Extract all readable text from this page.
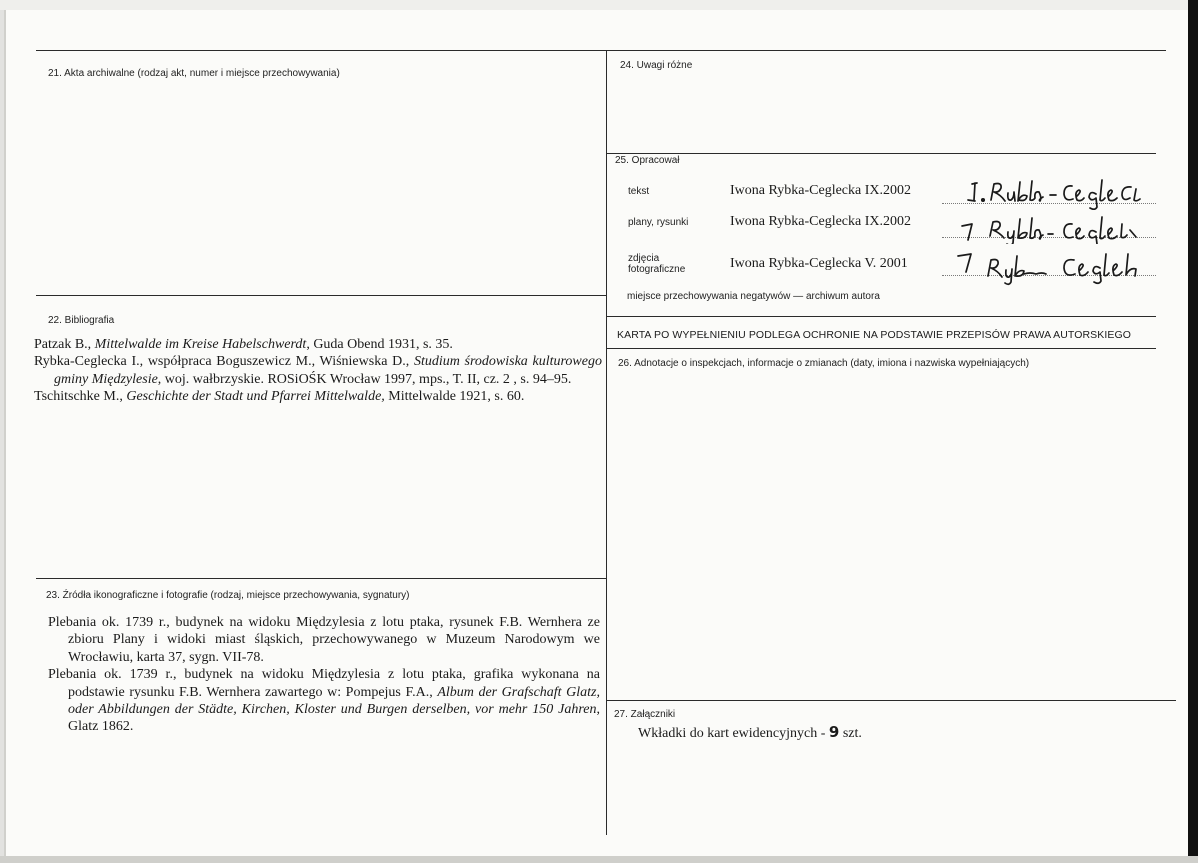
21. Akta archiwalne (rodzaj akt, numer i miejsce przechowywania)
22. Bibliografia

Patzak B., Mittelwalde im Kreise Habelschwerdt, Guda Obend 1931, s. 35.

Rybka-Ceglecka I., współpraca Boguszewicz M., Wiśniewska D., Studium środowiska kulturowego gminy Międzylesie, woj. wałbrzyskie. ROSiOŚK Wrocław 1997, mps., T. II, cz. 2 , s. 94–95.

Tschitschke M., Geschichte der Stadt und Pfarrei Mittelwalde, Mittelwalde 1921, s. 60.

23. Źródła ikonograficzne i fotografie (rodzaj, miejsce przechowywania, sygnatury)

Plebania ok. 1739 r., budynek na widoku Międzylesia z lotu ptaka, rysunek F.B. Wernhera ze zbioru Plany i widoki miast śląskich, przechowywanego w Muzeum Narodowym we Wrocławiu, karta 37, sygn. VII-78.

Plebania ok. 1739 r., budynek na widoku Międzylesia z lotu ptaka, grafika wykonana na podstawie rysunku F.B. Wernhera zawartego w: Pompejus F.A., Album der Grafschaft Glatz, oder Abbildungen der Städte, Kirchen, Kloster und Burgen derselben, vor mehr 150 Jahren, Glatz 1862.

24. Uwagi różne
25. Opracował
tekst	Iwona Rybka-Ceglecka IX.2002
plany, rysunki	Iwona Rybka-Ceglecka IX.2002
zdjęcia
fotograficzne	Iwona Rybka-Ceglecka V. 2001
miejsce przechowywania negatywów — archiwum autora
KARTA PO WYPEŁNIENIU PODLEGA OCHRONIE NA PODSTAWIE PRZEPISÓW PRAWA AUTORSKIEGO
26. Adnotacje o inspekcjach, informacje o zmianach (daty, imiona i nazwiska wypełniających)
27. Załączniki
Wkładki do kart ewidencyjnych - 9 szt.
